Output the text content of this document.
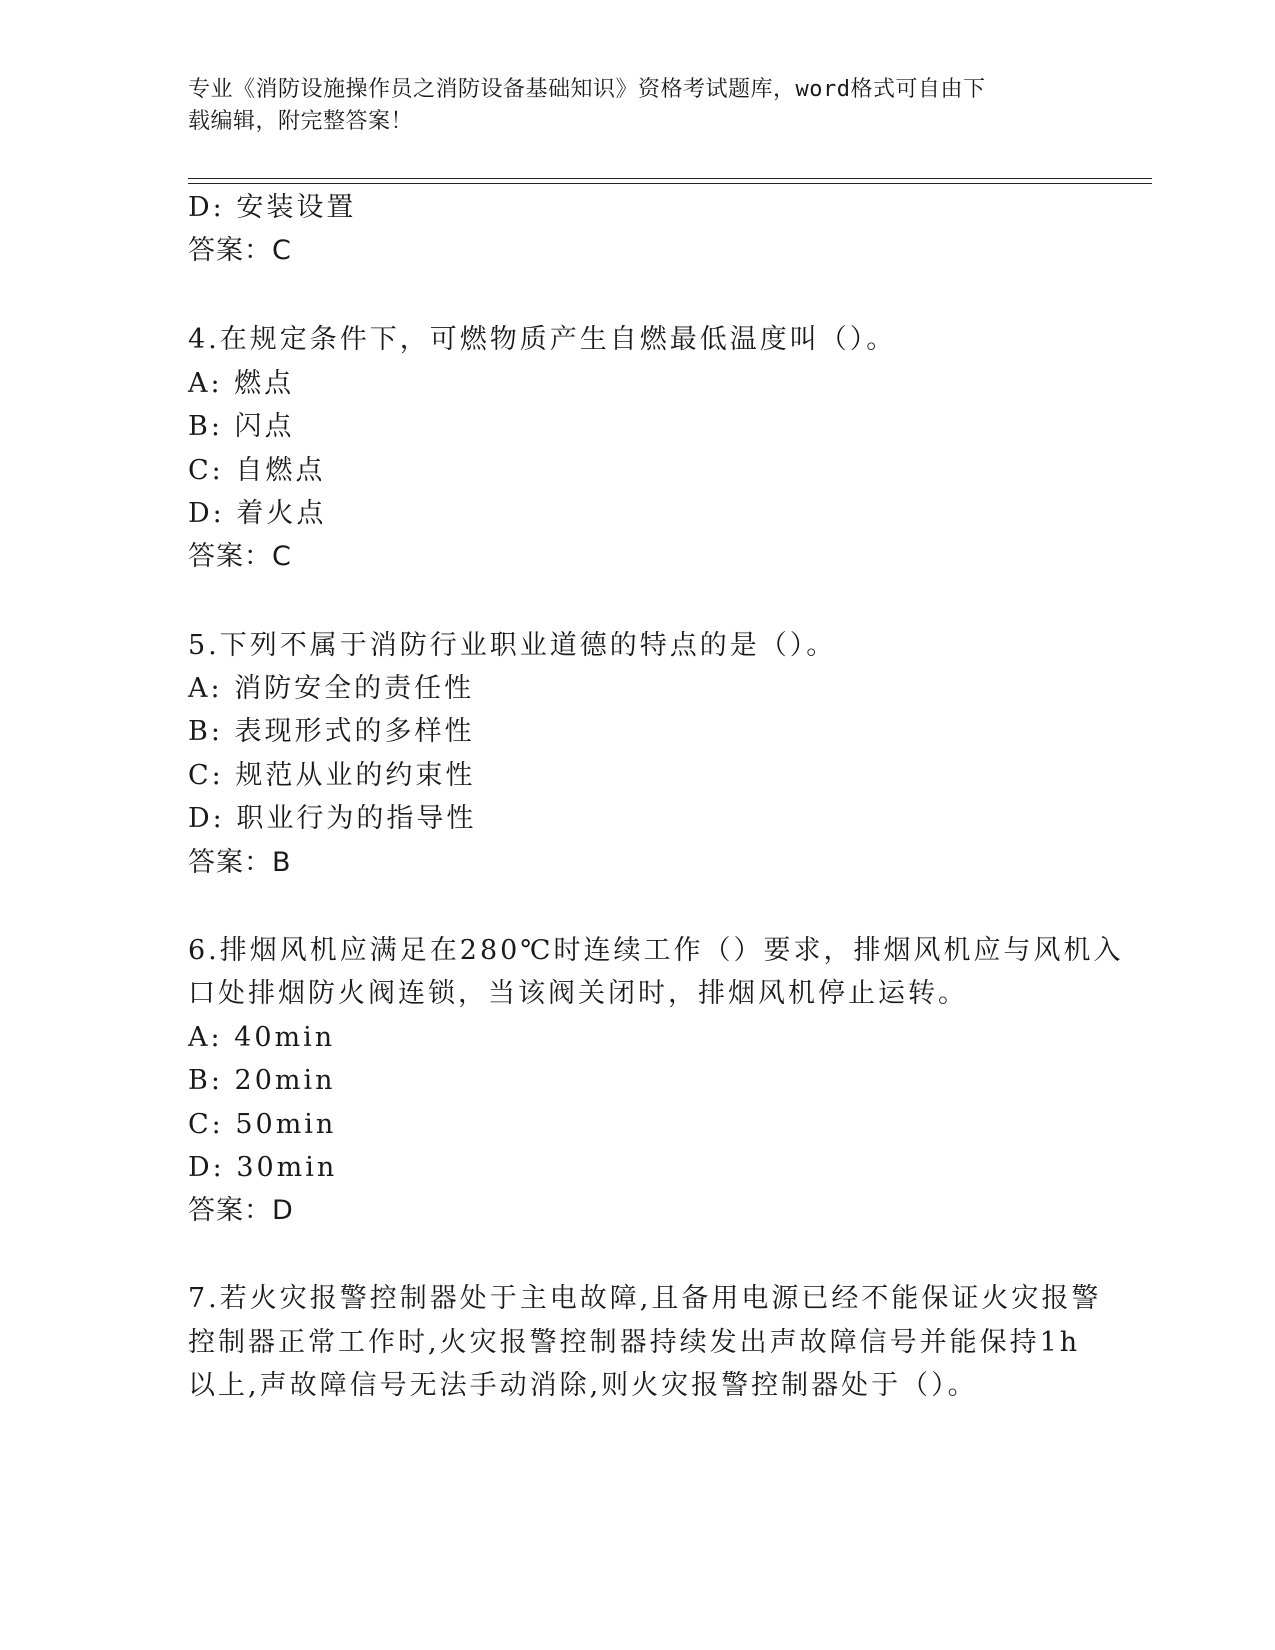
专业《消防设施操作员之消防设备基础知识》资格考试题库，word格式可自由下
载编辑，附完整答案！
D: 安装设置
答案：C
4.在规定条件下，可燃物质产生自燃最低温度叫（）。
A: 燃点
B: 闪点
C: 自燃点
D: 着火点
答案：C
5.下列不属于消防行业职业道德的特点的是（）。
A: 消防安全的责任性
B: 表现形式的多样性
C: 规范从业的约束性
D: 职业行为的指导性
答案：B
6.排烟风机应满足在280℃时连续工作（）要求，排烟风机应与风机入
口处排烟防火阀连锁，当该阀关闭时，排烟风机停止运转。
A: 40min
B: 20min
C: 50min
D: 30min
答案：D
7.若火灾报警控制器处于主电故障,且备用电源已经不能保证火灾报警
控制器正常工作时,火灾报警控制器持续发出声故障信号并能保持1h
以上,声故障信号无法手动消除,则火灾报警控制器处于（）。
